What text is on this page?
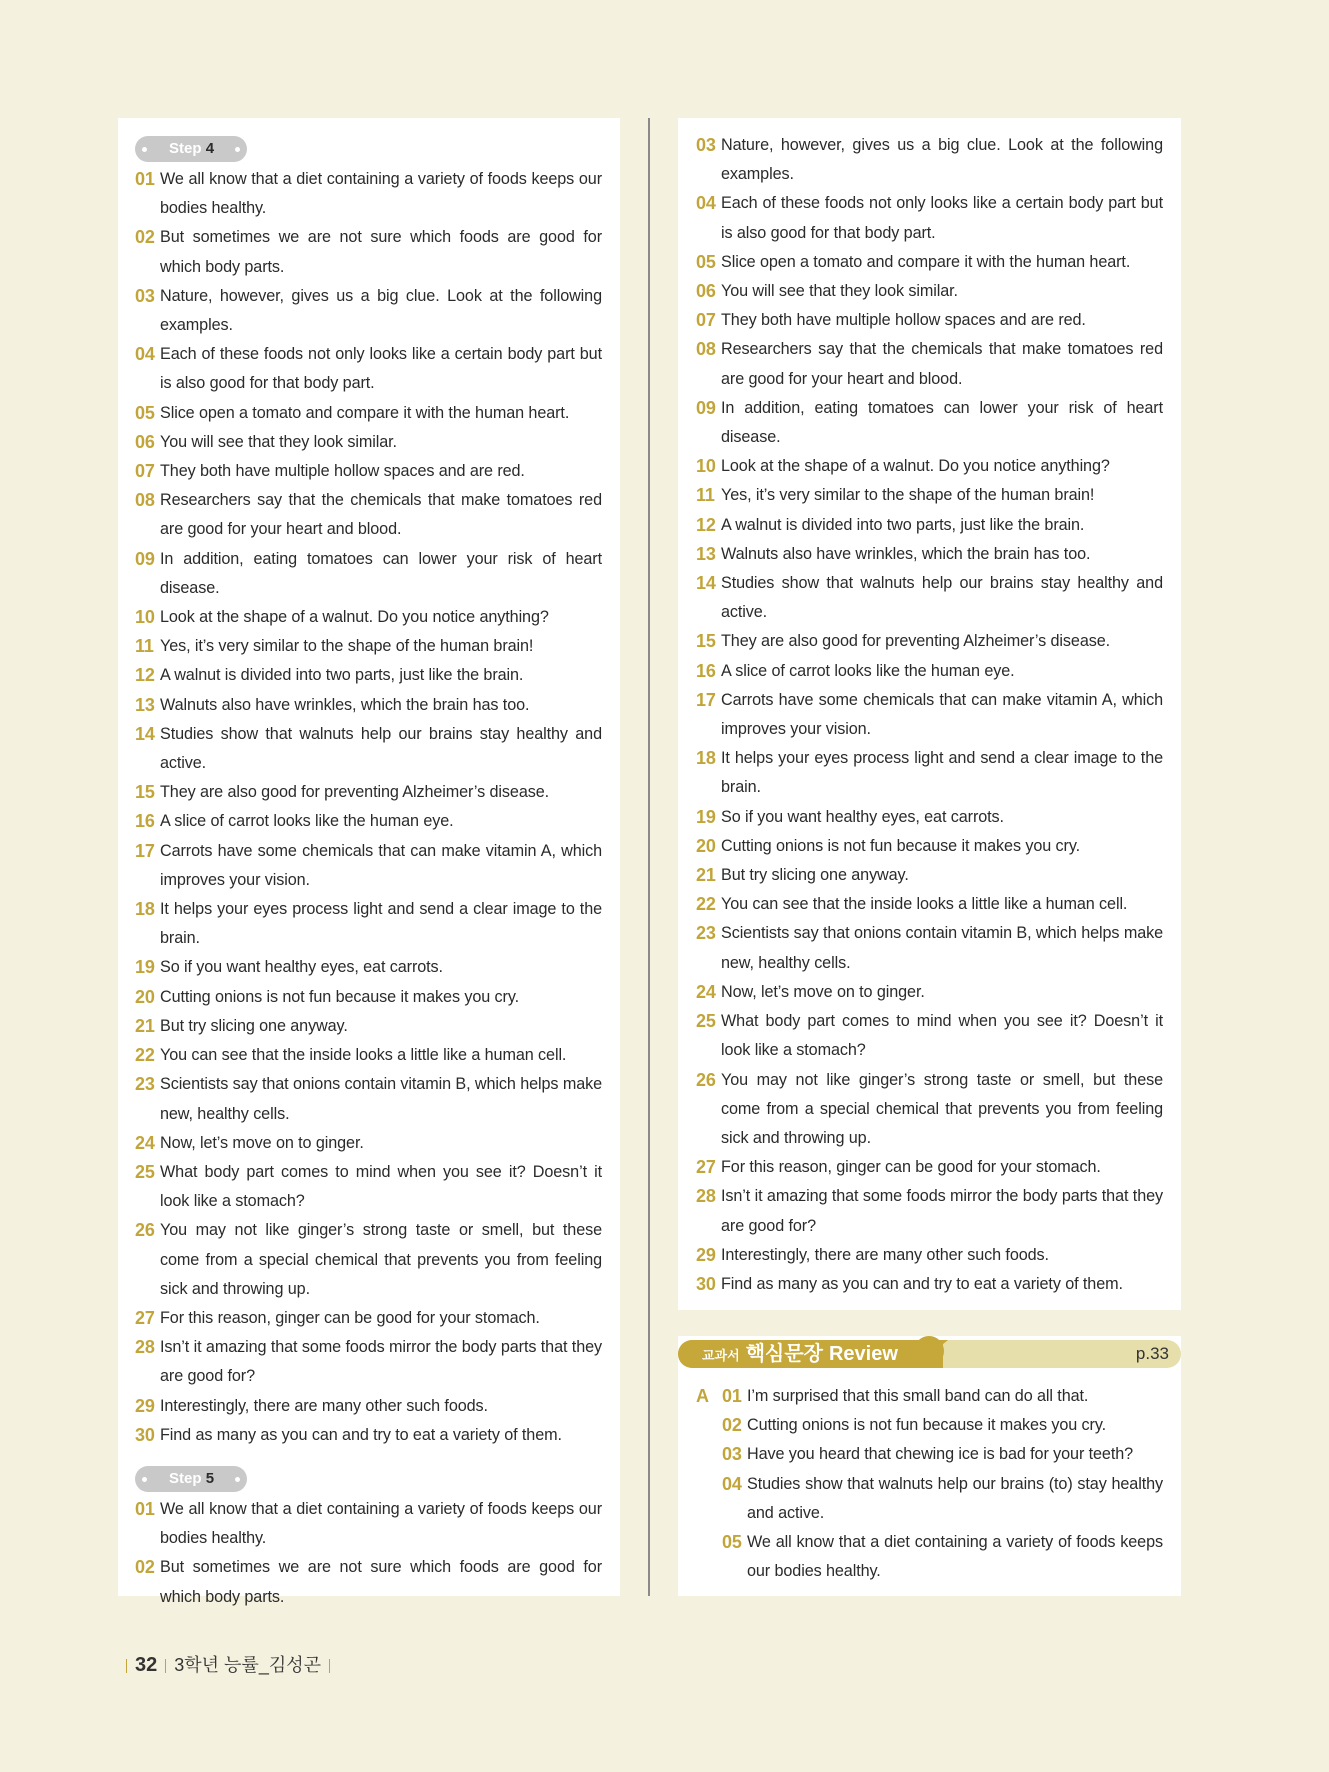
Step 4
01 We all know that a diet containing a variety of foods keeps our bodies healthy.
02 But sometimes we are not sure which foods are good for which body parts.
03 Nature, however, gives us a big clue. Look at the following examples.
04 Each of these foods not only looks like a certain body part but is also good for that body part.
05 Slice open a tomato and compare it with the human heart.
06 You will see that they look similar.
07 They both have multiple hollow spaces and are red.
08 Researchers say that the chemicals that make tomatoes red are good for your heart and blood.
09 In addition, eating tomatoes can lower your risk of heart disease.
10 Look at the shape of a walnut. Do you notice anything?
11 Yes, it’s very similar to the shape of the human brain!
12 A walnut is divided into two parts, just like the brain.
13 Walnuts also have wrinkles, which the brain has too.
14 Studies show that walnuts help our brains stay healthy and active.
15 They are also good for preventing Alzheimer’s disease.
16 A slice of carrot looks like the human eye.
17 Carrots have some chemicals that can make vitamin A, which improves your vision.
18 It helps your eyes process light and send a clear image to the brain.
19 So if you want healthy eyes, eat carrots.
20 Cutting onions is not fun because it makes you cry.
21 But try slicing one anyway.
22 You can see that the inside looks a little like a human cell.
23 Scientists say that onions contain vitamin B, which helps make new, healthy cells.
24 Now, let’s move on to ginger.
25 What body part comes to mind when you see it? Doesn’t it look like a stomach?
26 You may not like ginger’s strong taste or smell, but these come from a special chemical that prevents you from feeling sick and throwing up.
27 For this reason, ginger can be good for your stomach.
28 Isn’t it amazing that some foods mirror the body parts that they are good for?
29 Interestingly, there are many other such foods.
30 Find as many as you can and try to eat a variety of them.
Step 5
01 We all know that a diet containing a variety of foods keeps our bodies healthy.
02 But sometimes we are not sure which foods are good for which body parts.
03 Nature, however, gives us a big clue. Look at the following examples.
04 Each of these foods not only looks like a certain body part but is also good for that body part.
05 Slice open a tomato and compare it with the human heart.
06 You will see that they look similar.
07 They both have multiple hollow spaces and are red.
08 Researchers say that the chemicals that make tomatoes red are good for your heart and blood.
09 In addition, eating tomatoes can lower your risk of heart disease.
10 Look at the shape of a walnut. Do you notice anything?
11 Yes, it’s very similar to the shape of the human brain!
12 A walnut is divided into two parts, just like the brain.
13 Walnuts also have wrinkles, which the brain has too.
14 Studies show that walnuts help our brains stay healthy and active.
15 They are also good for preventing Alzheimer’s disease.
16 A slice of carrot looks like the human eye.
17 Carrots have some chemicals that can make vitamin A, which improves your vision.
18 It helps your eyes process light and send a clear image to the brain.
19 So if you want healthy eyes, eat carrots.
20 Cutting onions is not fun because it makes you cry.
21 But try slicing one anyway.
22 You can see that the inside looks a little like a human cell.
23 Scientists say that onions contain vitamin B, which helps make new, healthy cells.
24 Now, let’s move on to ginger.
25 What body part comes to mind when you see it? Doesn’t it look like a stomach?
26 You may not like ginger’s strong taste or smell, but these come from a special chemical that prevents you from feeling sick and throwing up.
27 For this reason, ginger can be good for your stomach.
28 Isn’t it amazing that some foods mirror the body parts that they are good for?
29 Interestingly, there are many other such foods.
30 Find as many as you can and try to eat a variety of them.
교과서 핵심문장 Review	p.33
A 01 I’m surprised that this small band can do all that.
02 Cutting onions is not fun because it makes you cry.
03 Have you heard that chewing ice is bad for your teeth?
04 Studies show that walnuts help our brains (to) stay healthy and active.
05 We all know that a diet containing a variety of foods keeps our bodies healthy.
32 3학년 능률_김성곤
